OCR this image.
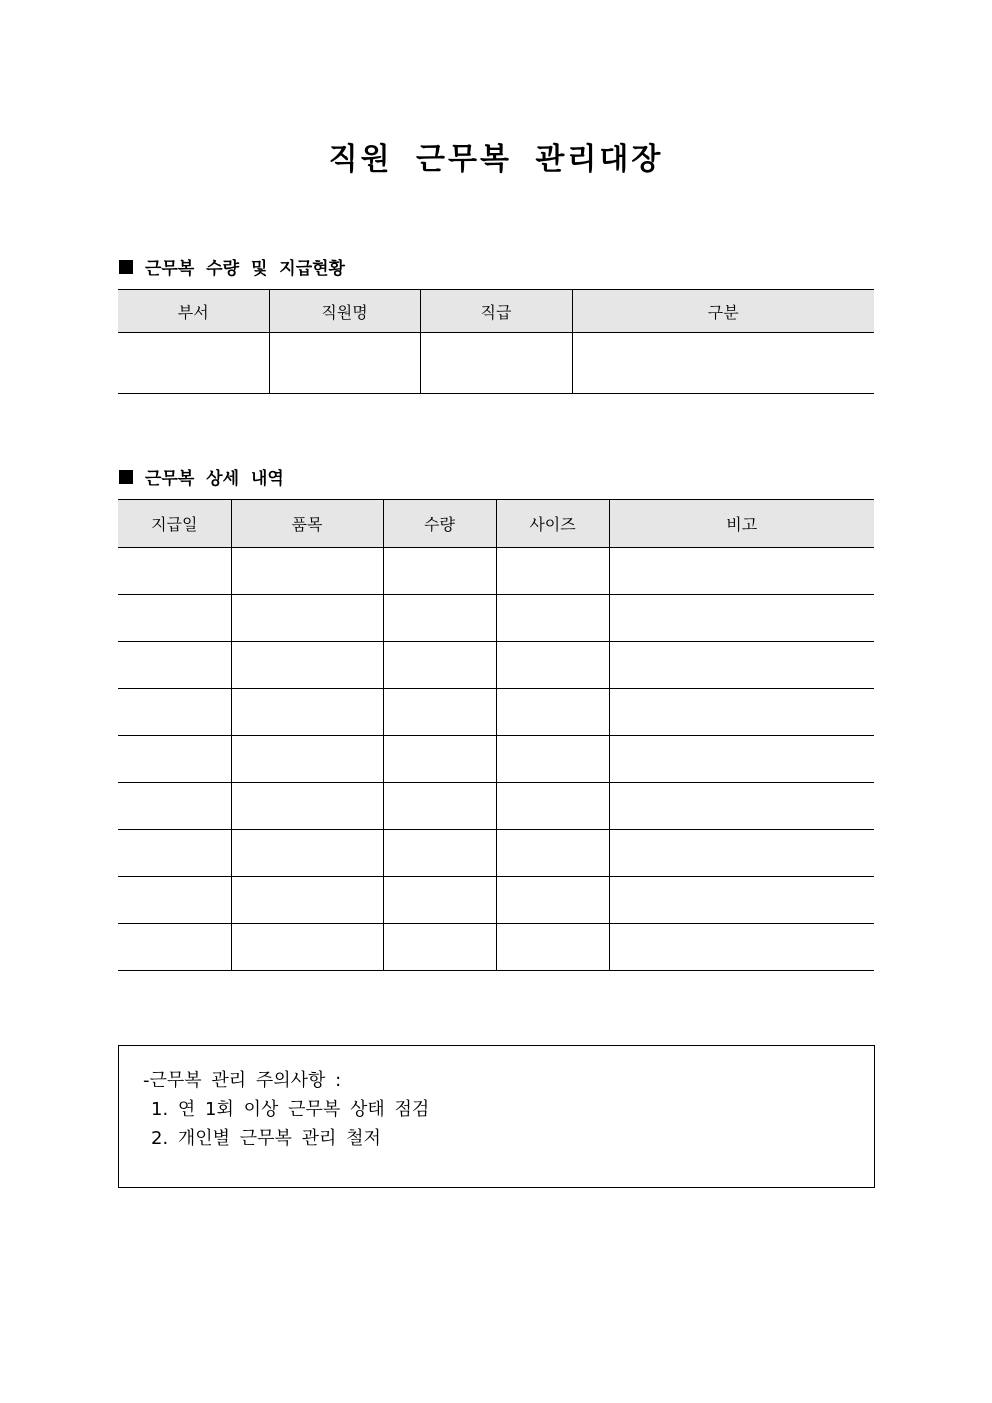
직원 근무복 관리대장
근무복 수량 및 지급현황
부서	직원명	직급	구분

근무복 상세 내역
지급일	품목	수량	사이즈	비고

-근무복 관리 주의사항 :
1. 연 1회 이상 근무복 상태 점검
2. 개인별 근무복 관리 철저
